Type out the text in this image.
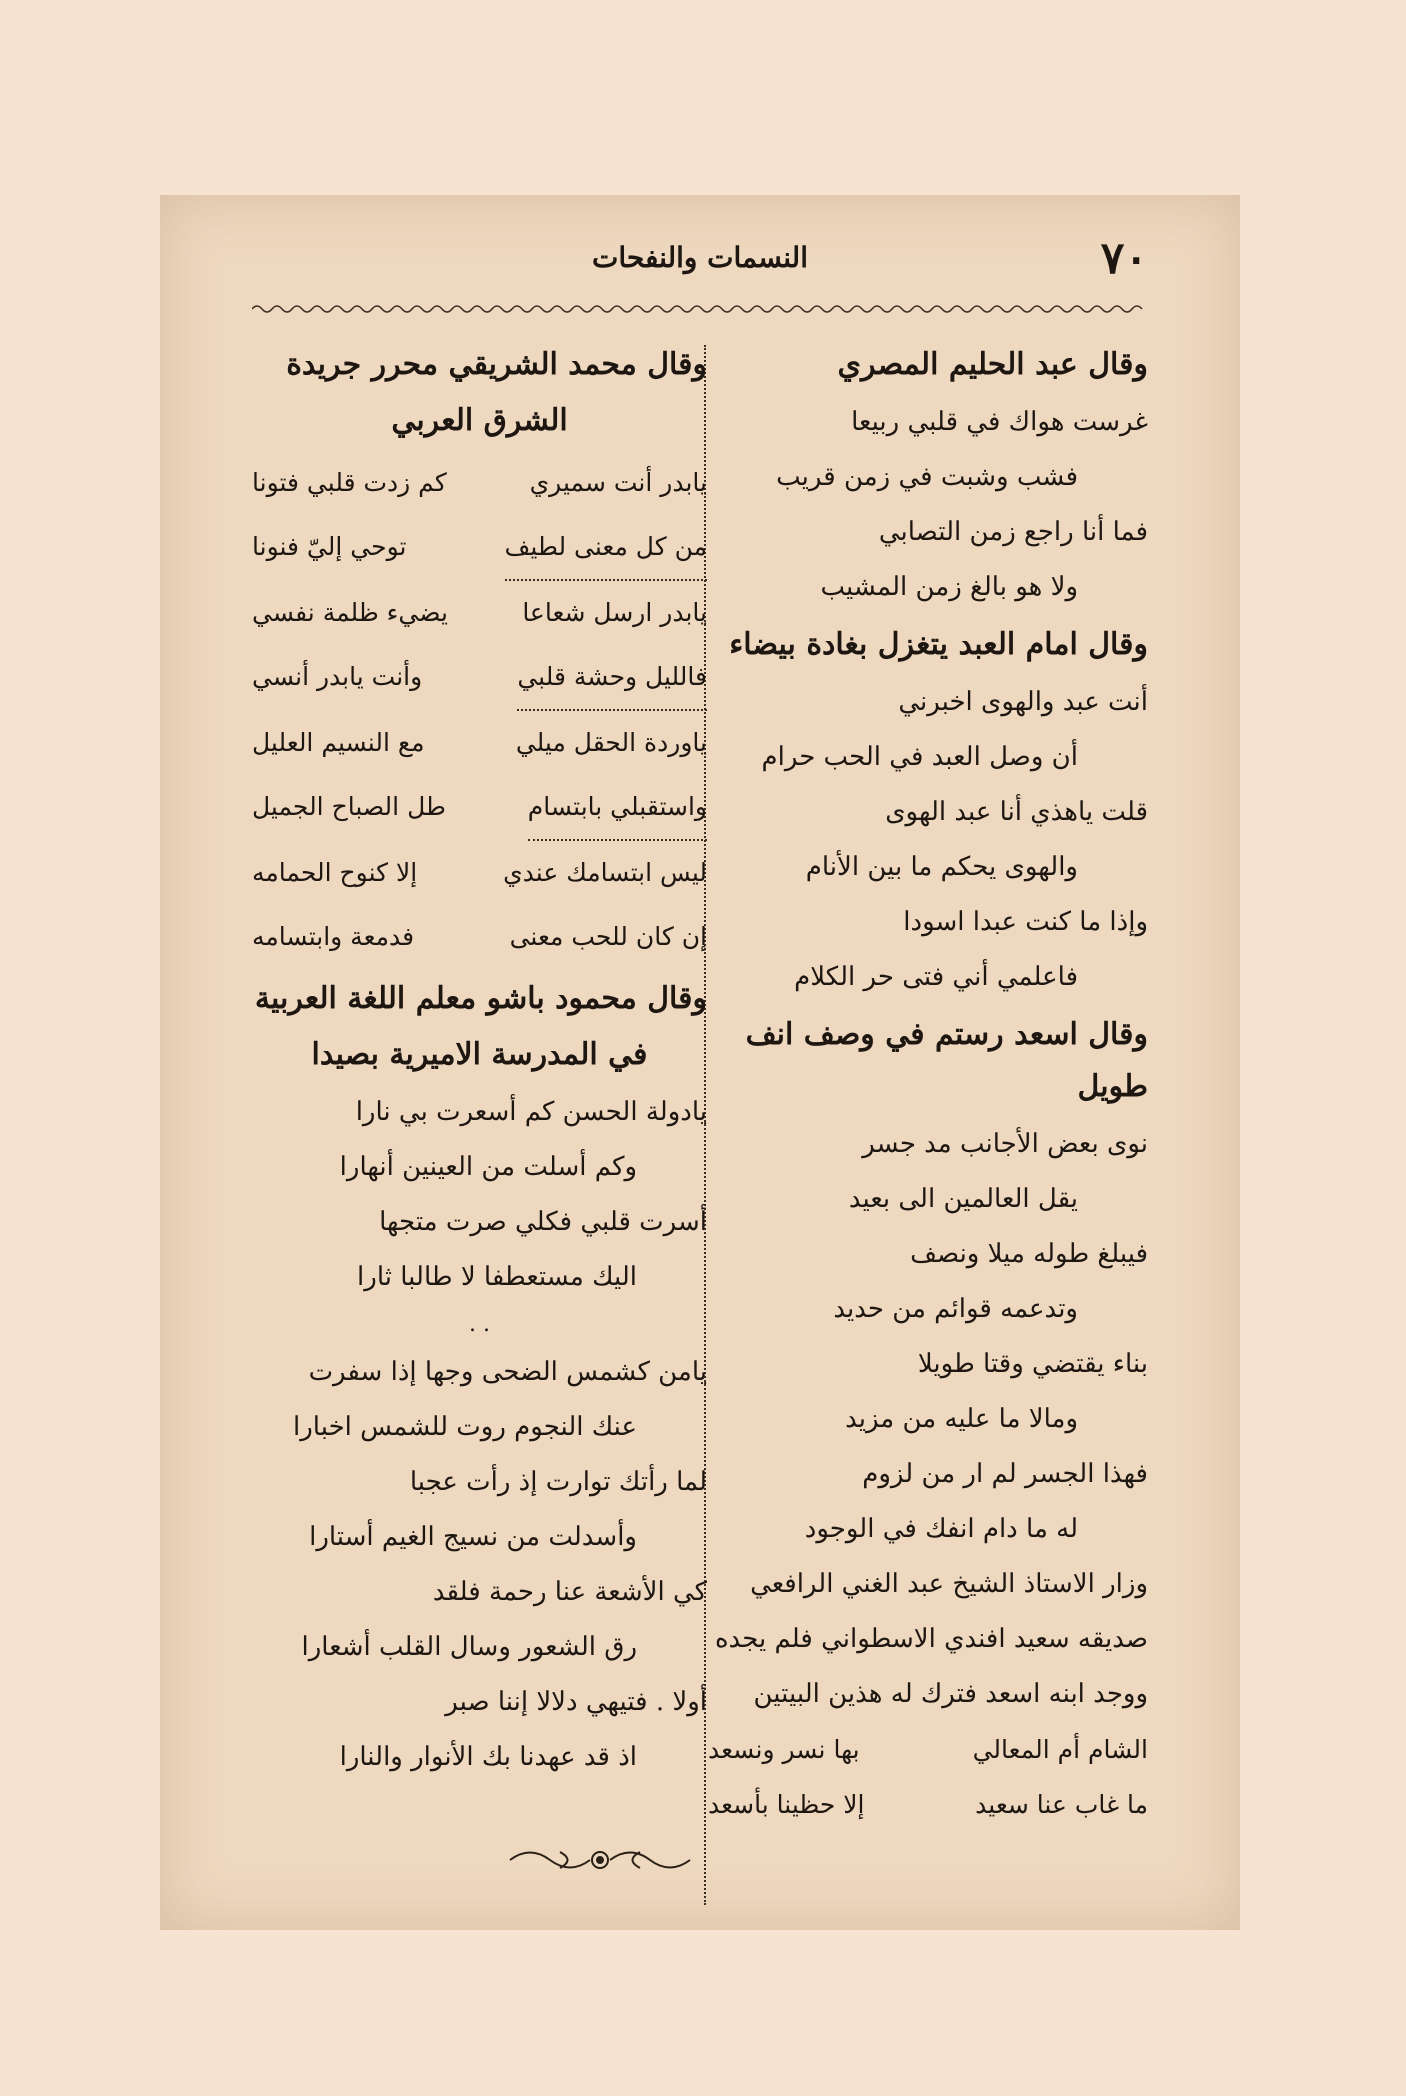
٧٠
النسمات والنفحات
وقال عبد الحليم المصري
غرست هواك في قلبي ربيعا
فشب وشبت في زمن قريب
فما أنا راجع زمن التصابي
ولا هو بالغ زمن المشيب
وقال امام العبد يتغزل بغادة بيضاء
أنت عبد والهوى اخبرني
أن وصل العبد في الحب حرام
قلت ياهذي أنا عبد الهوى
والهوى يحكم ما بين الأنام
وإذا ما كنت عبدا اسودا
فاعلمي أني فتى حر الكلام
وقال اسعد رستم في وصف انف طويل
نوى بعض الأجانب مد جسر
يقل العالمين الى بعيد
فيبلغ طوله ميلا ونصف
وتدعمه قوائم من حديد
بناء يقتضي وقتا طويلا
ومالا ما عليه من مزيد
فهذا الجسر لم ار من لزوم
له ما دام انفك في الوجود
وزار الاستاذ الشيخ عبد الغني الرافعي
صديقه سعيد افندي الاسطواني فلم يجده
ووجد ابنه اسعد فترك له هذين البيتين
الشام أم المعالي
بها نسر ونسعد
ما غاب عنا سعيد
إلا حظينا بأسعد
وقال محمد الشريقي محرر جريدة
الشرق العربي
يابدر أنت سميري
كم زدت قلبي فتونا
من كل معنى لطيف
توحي إليّ فنونا
يابدر ارسل شعاعا
يضيء ظلمة نفسي
فالليل وحشة قلبي
وأنت يابدر أنسي
ياوردة الحقل ميلي
مع النسيم العليل
واستقبلي بابتسام
طل الصباح الجميل
ليس ابتسامك عندي
إلا كنوح الحمامه
إن كان للحب معنى
فدمعة وابتسامه
وقال محمود باشو معلم اللغة العربية
في المدرسة الاميرية بصيدا
يادولة الحسن كم أسعرت بي نارا
وكم أسلت من العينين أنهارا
أسرت قلبي فكلي صرت متجها
اليك مستعطفا لا طالبا ثارا
. .
يامن كشمس الضحى وجها إذا سفرت
عنك النجوم روت للشمس اخبارا
لما رأتك توارت إذ رأت عجبا
وأسدلت من نسيج الغيم أستارا
كي الأشعة عنا رحمة فلقد
رق الشعور وسال القلب أشعارا
أولا . فتيهي دلالا إننا صبر
اذ قد عهدنا بك الأنوار والنارا
